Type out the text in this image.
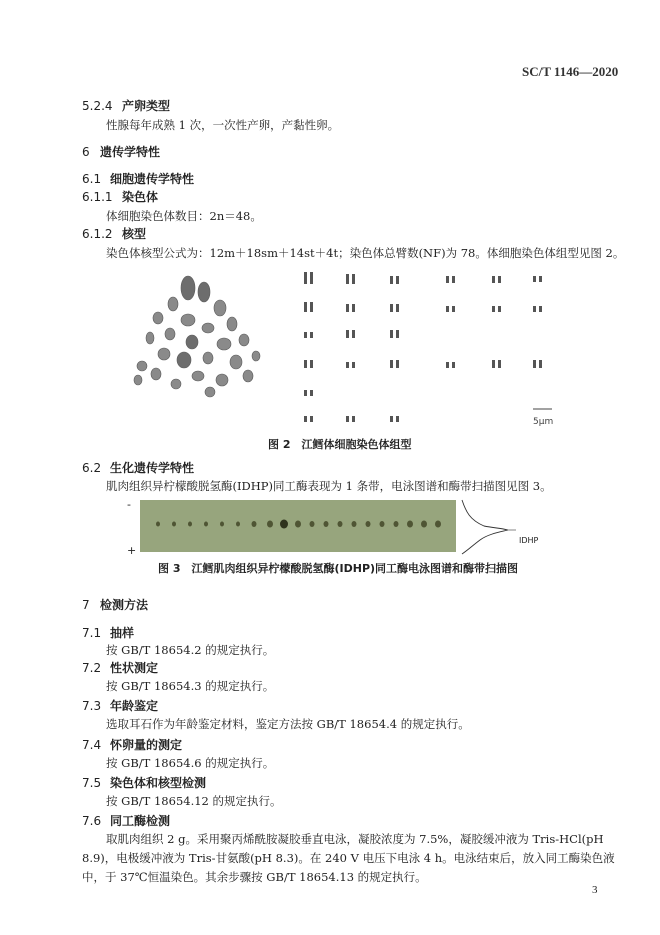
SC/T 1146—2020
5.2.4 产卵类型
性腺每年成熟 1 次，一次性产卵，产黏性卵。
6 遗传学特性
6.1 细胞遗传学特性
6.1.1 染色体
体细胞染色体数目：2n＝48。
6.1.2 核型
染色体核型公式为：12m＋18sm＋14st＋4t；染色体总臂数(NF)为 78。体细胞染色体组型见图 2。
5μm
图 2　江鳕体细胞染色体组型
6.2 生化遗传学特性
肌肉组织异柠檬酸脱氢酶(IDHP)同工酶表现为 1 条带，电泳图谱和酶带扫描图见图 3。
-
+
IDHP
图 3　江鳕肌肉组织异柠檬酸脱氢酶(IDHP)同工酶电泳图谱和酶带扫描图
7 检测方法
7.1 抽样
按 GB/T 18654.2 的规定执行。
7.2 性状测定
按 GB/T 18654.3 的规定执行。
7.3 年龄鉴定
选取耳石作为年龄鉴定材料，鉴定方法按 GB/T 18654.4 的规定执行。
7.4 怀卵量的测定
按 GB/T 18654.6 的规定执行。
7.5 染色体和核型检测
按 GB/T 18654.12 的规定执行。
7.6 同工酶检测
取肌肉组织 2 g。采用聚丙烯酰胺凝胶垂直电泳，凝胶浓度为 7.5%，凝胶缓冲液为 Tris-HCl(pH
8.9)，电极缓冲液为 Tris-甘氨酸(pH 8.3)。在 240 V 电压下电泳 4 h。电泳结束后，放入同工酶染色液
中，于 37℃恒温染色。其余步骤按 GB/T 18654.13 的规定执行。
3
